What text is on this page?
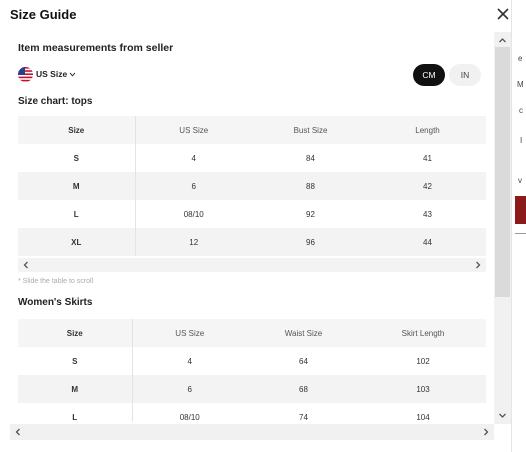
Size Guide
Item measurements from seller
US Size	CM	IN
Size chart: tops
Size	US Size	Bust Size	Length
S	4	84	41
M	6	88	42
L	08/10	92	43
XL	12	96	44
* Slide the table to scroll
Women's Skirts
Size	US Size	Waist Size	Skirt Length
S	4	64	102
M	6	68	103
L	08/10	74	104
e
M
c
I
v
